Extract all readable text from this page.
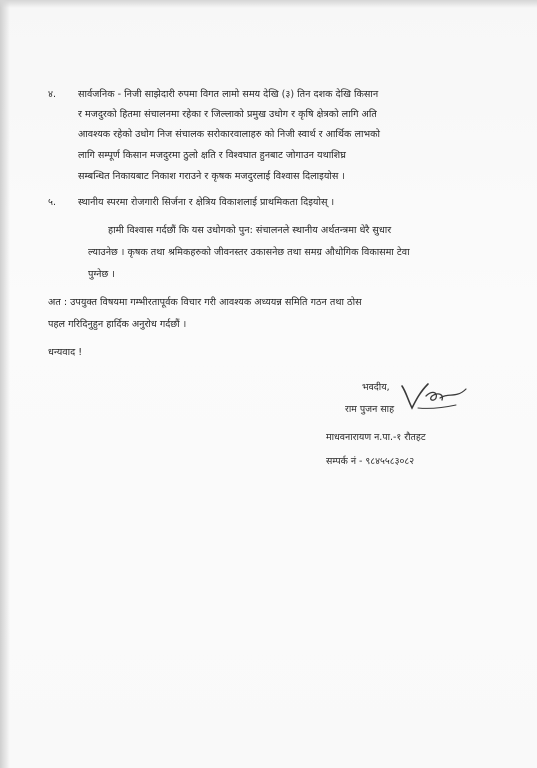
४. सार्वजनिक - निजी साझेदारी रुपमा विगत लामो समय देखि (३) तिन दशक देखि किसान
र मजदुरको हितमा संचालनमा रहेका र जिल्लाको प्रमुख उधोग र कृषि क्षेत्रको लागि अति
आवश्यक रहेको उधोग निज संचालक सरोकारवालाहरु को निजी स्वार्थ र आर्थिक लाभको
लागि सम्पूर्ण किसान मजदुरमा ठुलो क्षति र विश्वघात हुनबाट जोगाउन यथाशिघ्र
सम्बन्धित निकायबाट निकाश गराउने र कृषक मजदुरलाई विश्वास दिलाइयोस ।
५. स्थानीय स्परमा रोजगारी सिर्जना र क्षेत्रिय विकाशलाई प्राथमिकता दिइयोस् ।
हामी विश्वास गर्दछौं कि यस उधोगको पुन: संचालनले स्थानीय अर्थतन्त्रमा धेरै सुधार
ल्याउनेछ । कृषक तथा श्रमिकहरुको जीवनस्तर उकासनेछ तथा समग्र औधोगिक विकासमा टेवा
पुग्नेछ ।
अत : उपयुक्त विषयमा गम्भीरतापूर्वक विचार गरी आवश्यक अध्ययन्न समिति गठन तथा ठोस
पहल गरिदिनुहुन हार्दिक अनुरोध गर्दछौं ।
धन्यवाद !
भवदीय,
राम पुजन साह
माधवनारायण न.पा.-१ रौतहट
सम्पर्क नं - ९८४५५८३०८२
